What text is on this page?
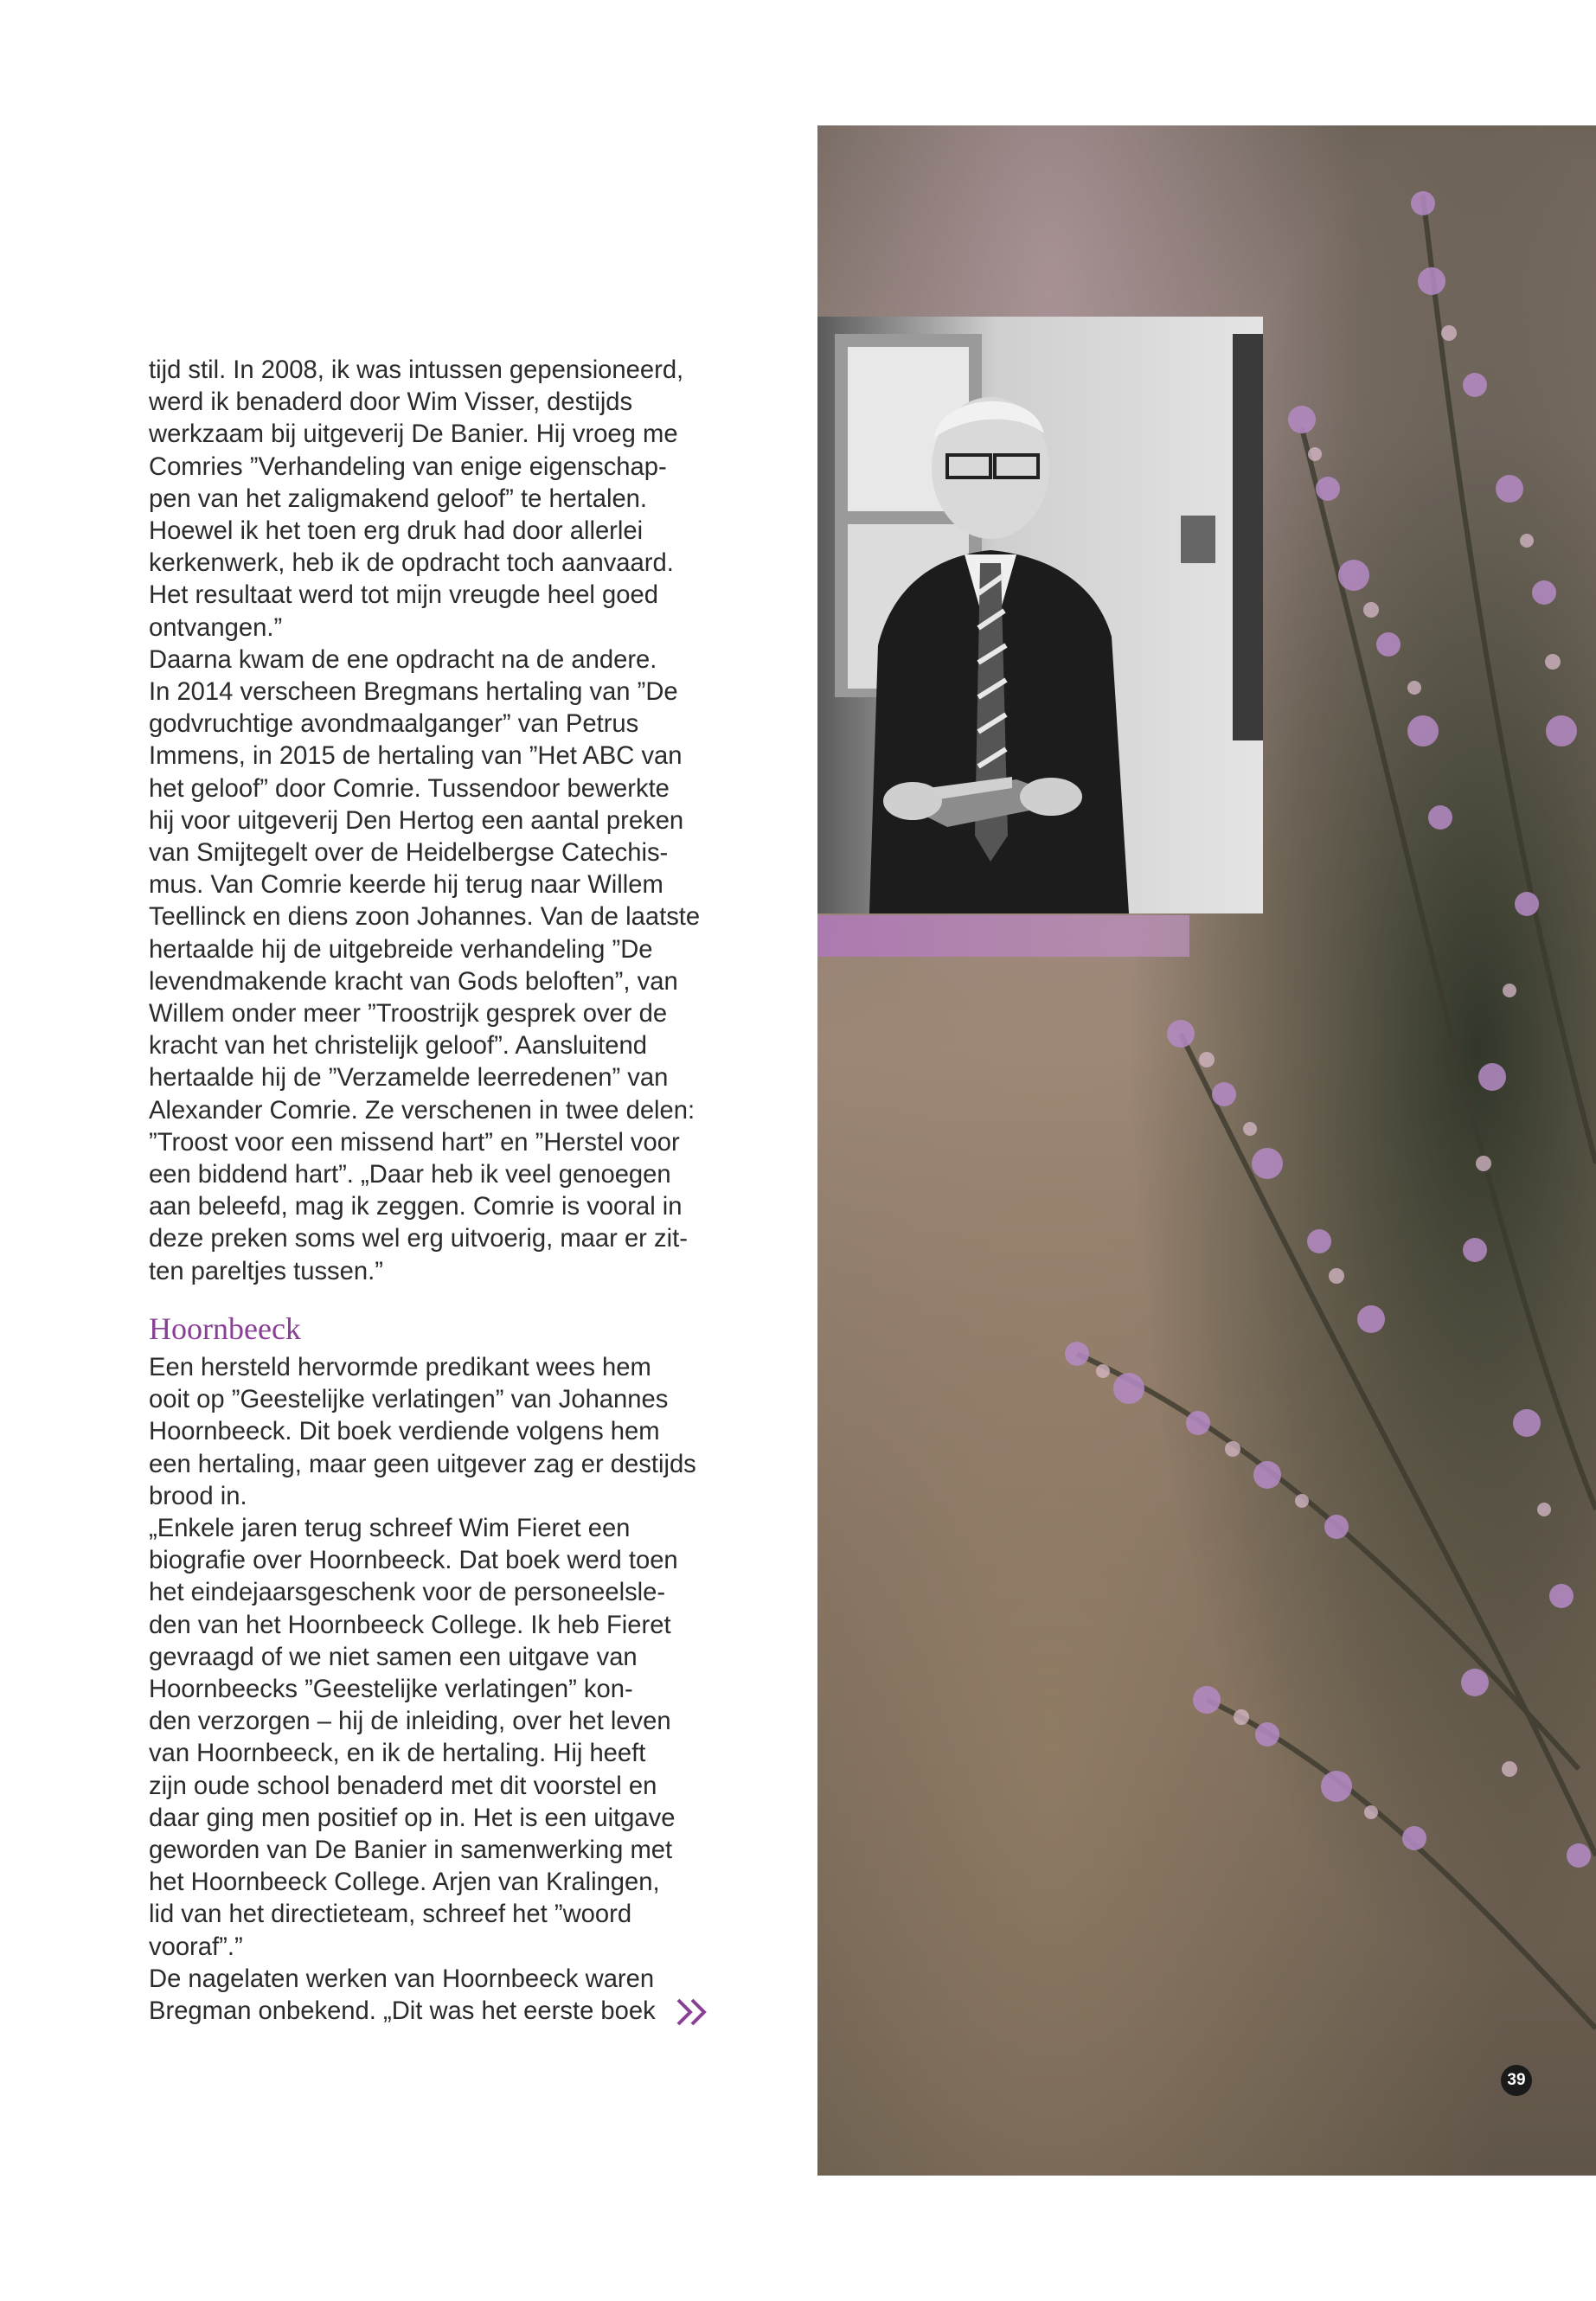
tijd stil. In 2008, ik was intussen gepensioneerd,
werd ik benaderd door Wim Visser, destijds
werkzaam bij uitgeverij De Banier. Hij vroeg me
Comries ”Verhandeling van enige eigenschap-
pen van het zaligmakend geloof” te hertalen.
Hoewel ik het toen erg druk had door allerlei
kerkenwerk, heb ik de opdracht toch aanvaard.
Het resultaat werd tot mijn vreugde heel goed
ontvangen.”

Daarna kwam de ene opdracht na de andere.
In 2014 verscheen Bregmans hertaling van ”De
godvruchtige avondmaalganger” van Petrus
Immens, in 2015 de hertaling van ”Het ABC van
het geloof” door Comrie. Tussendoor bewerkte
hij voor uitgeverij Den Hertog een aantal preken
van Smijtegelt over de Heidelbergse Catechis-
mus. Van Comrie keerde hij terug naar Willem
Teellinck en diens zoon Johannes. Van de laatste
hertaalde hij de uitgebreide verhandeling ”De
levendmakende kracht van Gods beloften”, van
Willem onder meer ”Troostrijk gesprek over de
kracht van het christelijk geloof”. Aansluitend
hertaalde hij de ”Verzamelde leerredenen” van
Alexander Comrie. Ze verschenen in twee delen:
”Troost voor een missend hart” en ”Herstel voor
een biddend hart”. „Daar heb ik veel genoegen
aan beleefd, mag ik zeggen. Comrie is vooral in
deze preken soms wel erg uitvoerig, maar er zit-
ten pareltjes tussen.”

Hoornbeeck

Een hersteld hervormde predikant wees hem
ooit op ”Geestelijke verlatingen” van Johannes
Hoornbeeck. Dit boek verdiende volgens hem
een hertaling, maar geen uitgever zag er destijds
brood in.

„Enkele jaren terug schreef Wim Fieret een
biografie over Hoornbeeck. Dat boek werd toen
het eindejaarsgeschenk voor de personeelsle-
den van het Hoornbeeck College. Ik heb Fieret
gevraagd of we niet samen een uitgave van
Hoornbeecks ”Geestelijke verlatingen” kon-
den verzorgen – hij de inleiding, over het leven
van Hoornbeeck, en ik de hertaling. Hij heeft
zijn oude school benaderd met dit voorstel en
daar ging men positief op in. Het is een uitgave
geworden van De Banier in samenwerking met
het Hoornbeeck College. Arjen van Kralingen,
lid van het directieteam, schreef het ”woord
vooraf”.”

De nagelaten werken van Hoornbeeck waren
Bregman onbekend. „Dit was het eerste boek

39
